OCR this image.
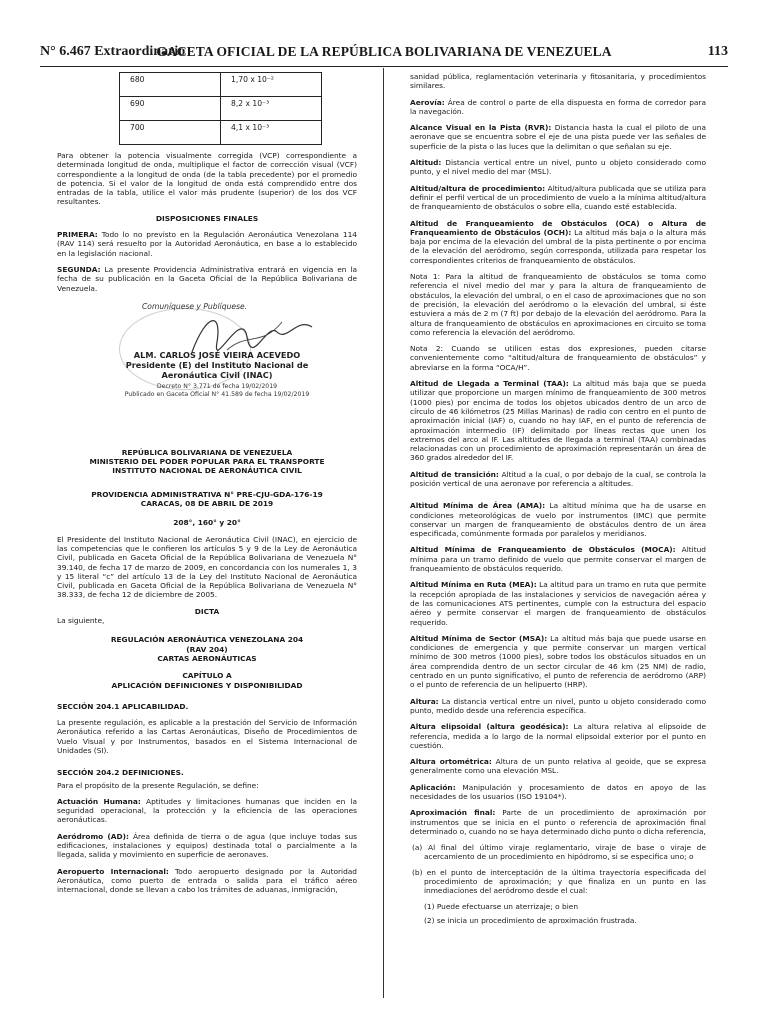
N° 6.467 Extraordinario
GACETA OFICIAL DE LA REPÚBLICA BOLIVARIANA DE VENEZUELA	113
680	1,70 x 10⁻²
690	8,2 x 10⁻³
700	4,1 x 10⁻³

Para obtener la potencia visualmente corregida (VCP) correspondiente a determinada longitud de onda, multiplique el factor de corrección visual (VCF) correspondiente a la longitud de onda (de la tabla precedente) por el promedio de potencia. Si el valor de la longitud de onda está comprendido entre dos entradas de la tabla, utilice el valor más prudente (superior) de los dos VCF resultantes.

DISPOSICIONES FINALES

PRIMERA: Todo lo no previsto en la Regulación Aeronáutica Venezolana 114 (RAV 114) será resuelto por la Autoridad Aeronáutica, en base a lo establecido en la legislación nacional.

SEGUNDA: La presente Providencia Administrativa entrará en vigencia en la fecha de su publicación en la Gaceta Oficial de la República Bolivariana de Venezuela.

Comuníquese y Publíquese.
ALM. CARLOS JOSÉ VIEIRA ACEVEDO
Presidente (E) del Instituto Nacional de
Aeronáutica Civil (INAC)
Decreto N° 3.771 de fecha 19/02/2019
Publicado en Gaceta Oficial N° 41.589 de fecha 19/02/2019
REPÚBLICA BOLIVARIANA DE VENEZUELA
MINISTERIO DEL PODER POPULAR PARA EL TRANSPORTE
INSTITUTO NACIONAL DE AERONÁUTICA CIVIL
PROVIDENCIA ADMINISTRATIVA N° PRE-CJU-GDA-176-19
CARACAS, 08 DE ABRIL DE 2019

208°, 160° y 20°

El Presidente del Instituto Nacional de Aeronáutica Civil (INAC), en ejercicio de las competencias que le confieren los artículos 5 y 9 de la Ley de Aeronáutica Civil, publicada en Gaceta Oficial de la República Bolivariana de Venezuela N° 39.140, de fecha 17 de marzo de 2009, en concordancia con los numerales 1, 3 y 15 literal “c” del artículo 13 de la Ley del Instituto Nacional de Aeronáutica Civil, publicada en Gaceta Oficial de la República Bolivariana de Venezuela N° 38.333, de fecha 12 de diciembre de 2005.

DICTA

La siguiente,

REGULACIÓN AERONÁUTICA VENEZOLANA 204
(RAV 204)
CARTAS AERONÁUTICAS
CAPÍTULO A
APLICACIÓN DEFINICIONES Y DISPONIBILIDAD

SECCIÓN 204.1 APLICABILIDAD.

La presente regulación, es aplicable a la prestación del Servicio de Información Aeronáutica referido a las Cartas Aeronáuticas, Diseño de Procedimientos de Vuelo Visual y por Instrumentos, basados en el Sistema Internacional de Unidades (SI).

SECCIÓN 204.2 DEFINICIONES.

Para el propósito de la presente Regulación, se define:

Actuación Humana: Aptitudes y limitaciones humanas que inciden en la seguridad operacional, la protección y la eficiencia de las operaciones aeronáuticas.

Aeródromo (AD): Área definida de tierra o de agua (que incluye todas sus edificaciones, instalaciones y equipos) destinada total o parcialmente a la llegada, salida y movimiento en superficie de aeronaves.

Aeropuerto Internacional: Todo aeropuerto designado por la Autoridad Aeronáutica, como puerto de entrada o salida para el tráfico aéreo internacional, donde se llevan a cabo los trámites de aduanas, inmigración,

sanidad pública, reglamentación veterinaria y fitosanitaria, y procedimientos similares.

Aerovía: Área de control o parte de ella dispuesta en forma de corredor para la navegación.

Alcance Visual en la Pista (RVR): Distancia hasta la cual el piloto de una aeronave que se encuentra sobre el eje de una pista puede ver las señales de superficie de la pista o las luces que la delimitan o que señalan su eje.

Altitud: Distancia vertical entre un nivel, punto u objeto considerado como punto, y el nivel medio del mar (MSL).

Altitud/altura de procedimiento: Altitud/altura publicada que se utiliza para definir el perfil vertical de un procedimiento de vuelo a la mínima altitud/altura de franqueamiento de obstáculos o sobre ella, cuando esté establecida.

Altitud de Franqueamiento de Obstáculos (OCA) o Altura de Franqueamiento de Obstáculos (OCH): La altitud más baja o la altura más baja por encima de la elevación del umbral de la pista pertinente o por encima de la elevación del aeródromo, según corresponda, utilizada para respetar los correspondientes criterios de franqueamiento de obstáculos.

Nota 1: Para la altitud de franqueamiento de obstáculos se toma como referencia el nivel medio del mar y para la altura de franqueamiento de obstáculos, la elevación del umbral, o en el caso de aproximaciones que no son de precisión, la elevación del aeródromo o la elevación del umbral, si éste estuviera a más de 2 m (7 ft) por debajo de la elevación del aeródromo. Para la altura de franqueamiento de obstáculos en aproximaciones en circuito se toma como referencia la elevación del aeródromo.

Nota 2: Cuando se utilicen estas dos expresiones, pueden citarse convenientemente como “altitud/altura de franqueamiento de obstáculos” y abreviarse en la forma “OCA/H”.

Altitud de Llegada a Terminal (TAA): La altitud más baja que se pueda utilizar que proporcione un margen mínimo de franqueamiento de 300 metros (1000 pies) por encima de todos los objetos ubicados dentro de un arco de círculo de 46 kilómetros (25 Millas Marinas) de radio con centro en el punto de aproximación inicial (IAF) o, cuando no hay IAF, en el punto de referencia de aproximación intermedio (IF) delimitado por líneas rectas que unen los extremos del arco al IF. Las altitudes de llegada a terminal (TAA) combinadas relacionadas con un procedimiento de aproximación representarán un área de 360 grados alrededor del IF.

Altitud de transición: Altitud a la cual, o por debajo de la cual, se controla la posición vertical de una aeronave por referencia a altitudes.

Altitud Mínima de Área (AMA): La altitud mínima que ha de usarse en condiciones meteorológicas de vuelo por instrumentos (IMC) que permite conservar un margen de franqueamiento de obstáculos dentro de un área especificada, comúnmente formada por paralelos y meridianos.

Altitud Mínima de Franqueamiento de Obstáculos (MOCA): Altitud mínima para un tramo definido de vuelo que permite conservar el margen de franqueamiento de obstáculos requerido.

Altitud Mínima en Ruta (MEA): La altitud para un tramo en ruta que permite la recepción apropiada de las instalaciones y servicios de navegación aérea y de las comunicaciones ATS pertinentes, cumple con la estructura del espacio aéreo y permite conservar el margen de franqueamiento de obstáculos requerido.

Altitud Mínima de Sector (MSA): La altitud más baja que puede usarse en condiciones de emergencia y que permite conservar un margen vertical mínimo de 300 metros (1000 pies), sobre todos los obstáculos situados en un área comprendida dentro de un sector circular de 46 km (25 NM) de radio, centrado en un punto significativo, el punto de referencia de aeródromo (ARP) o el punto de referencia de un helipuerto (HRP).

Altura: La distancia vertical entre un nivel, punto u objeto considerado como punto, medido desde una referencia específica.

Altura elipsoidal (altura geodésica): La altura relativa al elipsoide de referencia, medida a lo largo de la normal elipsoidal exterior por el punto en cuestión.

Altura ortométrica: Altura de un punto relativa al geoide, que se expresa generalmente como una elevación MSL.

Aplicación: Manipulación y procesamiento de datos en apoyo de las necesidades de los usuarios (ISO 19104*).

Aproximación final: Parte de un procedimiento de aproximación por instrumentos que se inicia en el punto o referencia de aproximación final determinado o, cuando no se haya determinado dicho punto o dicha referencia,

(a) Al final del último viraje reglamentario, viraje de base o viraje de acercamiento de un procedimiento en hipódromo, si se especifica uno; o

(b) en el punto de interceptación de la última trayectoria especificada del procedimiento de aproximación; y que finaliza en un punto en las inmediaciones del aeródromo desde el cual:

(1) Puede efectuarse un aterrizaje; o bien

(2) se inicia un procedimiento de aproximación frustrada.
